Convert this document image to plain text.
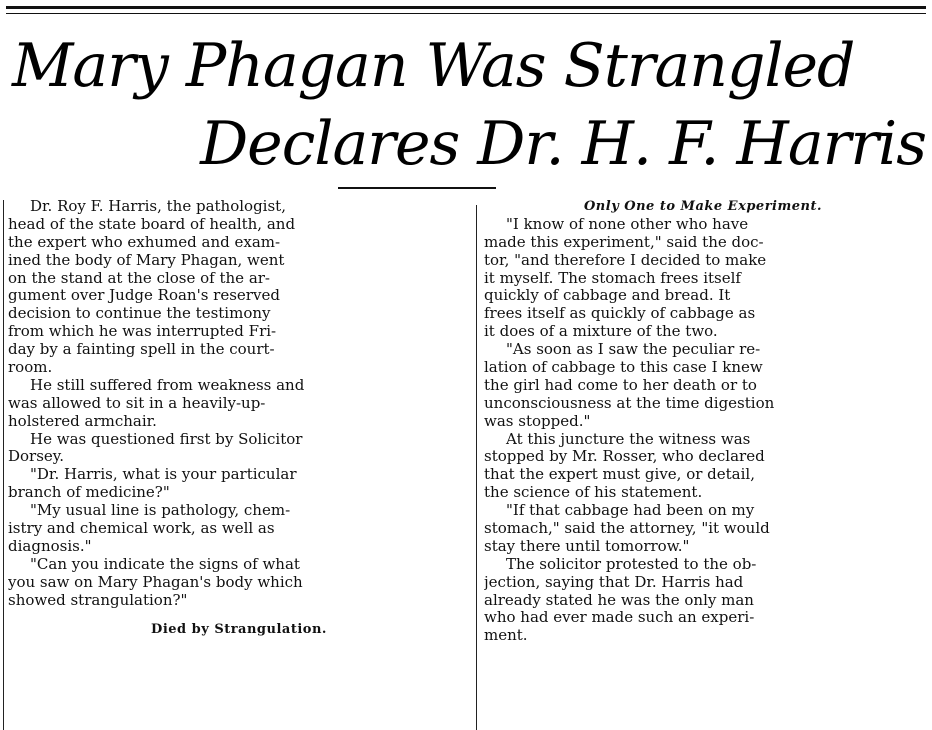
Mary Phagan Was Strangled
Declares Dr. H. F. Harris
Dr. Roy F. Harris, the pathologist,
head of the state board of health, and
the expert who exhumed and exam-
ined the body of Mary Phagan, went
on the stand at the close of the ar-
gument over Judge Roan's reserved
decision to continue the testimony
from which he was interrupted Fri-
day by a fainting spell in the court-
room.
He still suffered from weakness and
was allowed to sit in a heavily-up-
holstered armchair.
He was questioned first by Solicitor
Dorsey.
"Dr. Harris, what is your particular
branch of medicine?"
"My usual line is pathology, chem-
istry and chemical work, as well as
diagnosis."
"Can you indicate the signs of what
you saw on Mary Phagan's body which
showed strangulation?"
Died by Strangulation.
Only One to Make Experiment.
"I know of none other who have
made this experiment," said the doc-
tor, "and therefore I decided to make
it myself. The stomach frees itself
quickly of cabbage and bread. It
frees itself as quickly of cabbage as
it does of a mixture of the two.
"As soon as I saw the peculiar re-
lation of cabbage to this case I knew
the girl had come to her death or to
unconsciousness at the time digestion
was stopped."
At this juncture the witness was
stopped by Mr. Rosser, who declared
that the expert must give, or detail,
the science of his statement.
"If that cabbage had been on my
stomach," said the attorney, "it would
stay there until tomorrow."
The solicitor protested to the ob-
jection, saying that Dr. Harris had
already stated he was the only man
who had ever made such an experi-
ment.
